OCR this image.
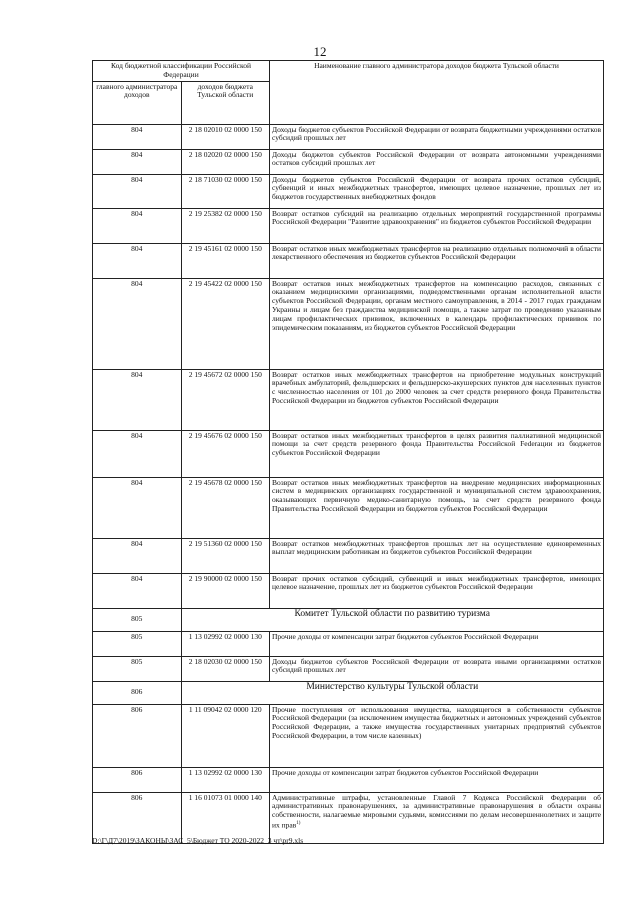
12
Код бюджетной классификации Российской Федерации		Наименование главного администратора доходов бюджета Тульской области
главного администратора доходов	доходов бюджета Тульской области	
804	2 18 02010 02 0000 150	Доходы бюджетов субъектов Российской Федерации от возврата бюджетными учреждениями остатков субсидий прошлых лет
804	2 18 02020 02 0000 150	Доходы бюджетов субъектов Российской Федерации от возврата автономными учреждениями остатков субсидий прошлых лет
804	2 18 71030 02 0000 150	Доходы бюджетов субъектов Российской Федерации от возврата прочих остатков субсидий, субвенций и иных межбюджетных трансфертов, имеющих целевое назначение, прошлых лет из бюджетов государственных внебюджетных фондов
804	2 19 25382 02 0000 150	Возврат остатков субсидий на реализацию отдельных мероприятий государственной программы Российской Федерации "Развитие здравоохранения" из бюджетов субъектов Российской Федерации
804	2 19 45161 02 0000 150	Возврат остатков иных межбюджетных трансфертов на реализацию отдельных полномочий в области лекарственного обеспечения из бюджетов субъектов Российской Федерации
804	2 19 45422 02 0000 150	Возврат остатков иных межбюджетных трансфертов на компенсацию расходов, связанных с оказанием медицинскими организациями, подведомственными органам исполнительной власти субъектов Российской Федерации, органам местного самоуправления, в 2014 - 2017 годах гражданам Украины и лицам без гражданства медицинской помощи, а также затрат по проведению указанным лицам профилактических прививок, включенных в календарь профилактических прививок по эпидемическим показаниям, из бюджетов субъектов Российской Федерации
804	2 19 45672 02 0000 150	Возврат остатков иных межбюджетных трансфертов на приобретение модульных конструкций врачебных амбулаторий, фельдшерских и фельдшерско-акушерских пунктов для населенных пунктов с численностью населения от 101 до 2000 человек за счет средств резервного фонда Правительства Российской Федерации из бюджетов субъектов Российской Федерации
804	2 19 45676 02 0000 150	Возврат остатков иных межбюджетных трансфертов в целях развития паллиативной медицинской помощи за счет средств резервного фонда Правительства Российской Federации из бюджетов субъектов Российской Федерации
804	2 19 45678 02 0000 150	Возврат остатков иных межбюджетных трансфертов на внедрение медицинских информационных систем в медицинских организациях государственной и муниципальной систем здравоохранения, оказывающих первичную медико-санитарную помощь, за счет средств резервного фонда Правительства Российской Федерации из бюджетов субъектов Российской Федерации
804	2 19 51360 02 0000 150	Возврат остатков межбюджетных трансфертов прошлых лет на осуществление единовременных выплат медицинским работникам из бюджетов субъектов Российской Федерации
804	2 19 90000 02 0000 150	Возврат прочих остатков субсидий, субвенций и иных межбюджетных трансфертов, имеющих целевое назначение, прошлых лет из бюджетов субъектов Российской Федерации
805	Комитет Тульской области по развитию туризма	
805	1 13 02992 02 0000 130	Прочие доходы от компенсации затрат бюджетов субъектов Российской Федерации
805	2 18 02030 02 0000 150	Доходы бюджетов субъектов Российской Федерации от возврата иными организациями остатков субсидий прошлых лет
806	Министерство культуры Тульской области	
806	1 11 09042 02 0000 120	Прочие поступления от использования имущества, находящегося в собственности субъектов Российской Федерации (за исключением имущества бюджетных и автономных учреждений субъектов Российской Федерации, а также имущества государственных унитарных предприятий субъектов Российской Федерации, в том числе казенных)
806	1 13 02992 02 0000 130	Прочие доходы от компенсации затрат бюджетов субъектов Российской Федерации
806	1 16 01073 01 0000 140	Административные штрафы, установленные Главой 7 Кодекса Российской Федерации об административных правонарушениях, за административные правонарушения в области охраны собственности, налагаемые мировыми судьями, комиссиями по делам несовершеннолетних и защите их прав$^{1)}$
D:\Г\Д7\2019\ЗАКОНЫ\ЗАС_5\Бюджет ТО 2020-2022_3 чт\pr9.xls
